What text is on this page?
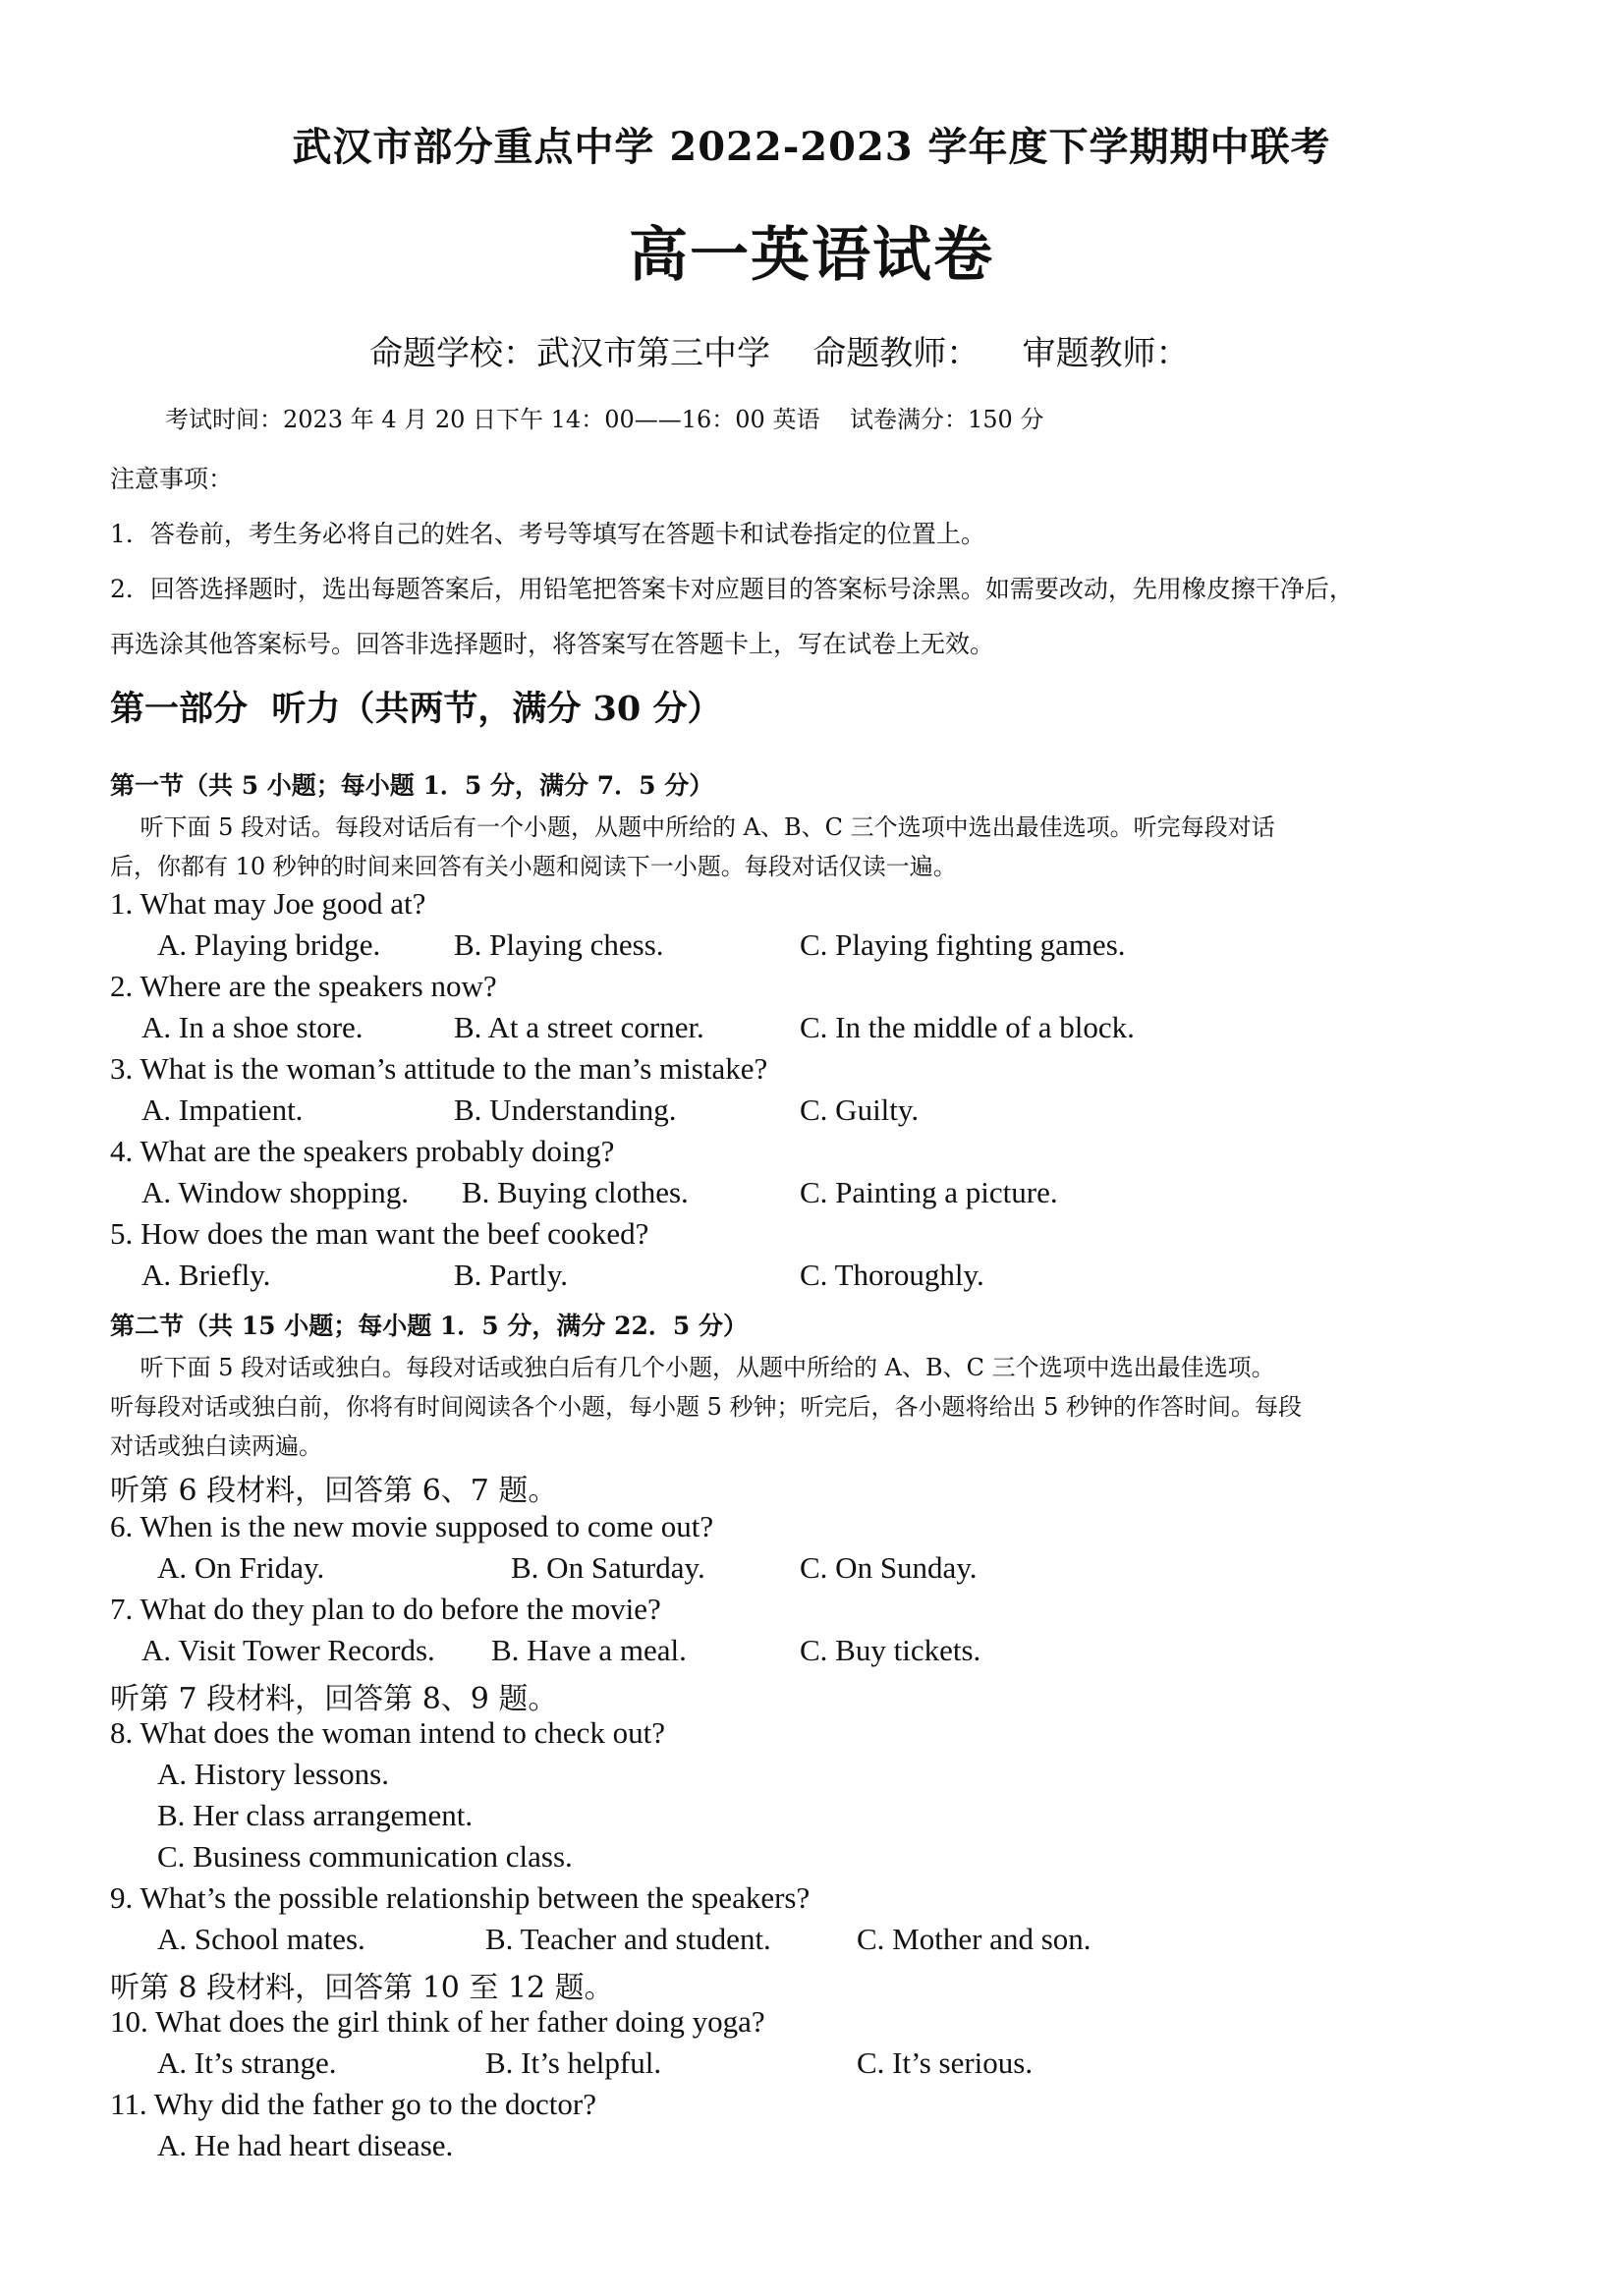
武汉市部分重点中学 2022-2023 学年度下学期期中联考
高一英语试卷
命题学校：武汉市第三中学    命题教师：    审题教师：
考试时间：2023 年 4 月 20 日下午 14：00——16：00 英语    试卷满分：150 分
注意事项：
1．答卷前，考生务必将自己的姓名、考号等填写在答题卡和试卷指定的位置上。
2．回答选择题时，选出每题答案后，用铅笔把答案卡对应题目的答案标号涂黑。如需要改动，先用橡皮擦干净后，
再选涂其他答案标号。回答非选择题时，将答案写在答题卡上，写在试卷上无效。
第一部分  听力（共两节，满分 30 分）
第一节（共 5 小题；每小题 1．5 分，满分 7．5 分）
听下面 5 段对话。每段对话后有一个小题，从题中所给的 A、B、C 三个选项中选出最佳选项。听完每段对话
后，你都有 10 秒钟的时间来回答有关小题和阅读下一小题。每段对话仅读一遍。
1. What may Joe good at?
A. Playing bridge. B. Playing chess.	C. Playing fighting games.
2. Where are the speakers now?
A. In a shoe store.	B. At a street corner.	C. In the middle of a block.
3. What is the woman’s attitude to the man’s mistake?
A. Impatient.	B. Understanding.	C. Guilty.
4. What are the speakers probably doing?
A. Window shopping. B. Buying clothes.	C. Painting a picture.
5. How does the man want the beef cooked?
A. Briefly.	B. Partly.	C. Thoroughly.
第二节（共 15 小题；每小题 1．5 分，满分 22．5 分）
听下面 5 段对话或独白。每段对话或独白后有几个小题，从题中所给的 A、B、C 三个选项中选出最佳选项。
听每段对话或独白前，你将有时间阅读各个小题，每小题 5 秒钟；听完后，各小题将给出 5 秒钟的作答时间。每段
对话或独白读两遍。
听第 6 段材料，回答第 6、7 题。
6. When is the new movie supposed to come out?
A. On Friday.	B. On Saturday.	C. On Sunday.
7. What do they plan to do before the movie?
A. Visit Tower Records. B. Have a meal.	C. Buy tickets.
听第 7 段材料，回答第 8、9 题。
8. What does the woman intend to check out?
A. History lessons.
B. Her class arrangement.
C. Business communication class.
9. What’s the possible relationship between the speakers?
A. School mates.	B. Teacher and student.	C. Mother and son.
听第 8 段材料，回答第 10 至 12 题。
10. What does the girl think of her father doing yoga?
A. It’s strange.	B. It’s helpful.	C. It’s serious.
11. Why did the father go to the doctor?
A. He had heart disease.
